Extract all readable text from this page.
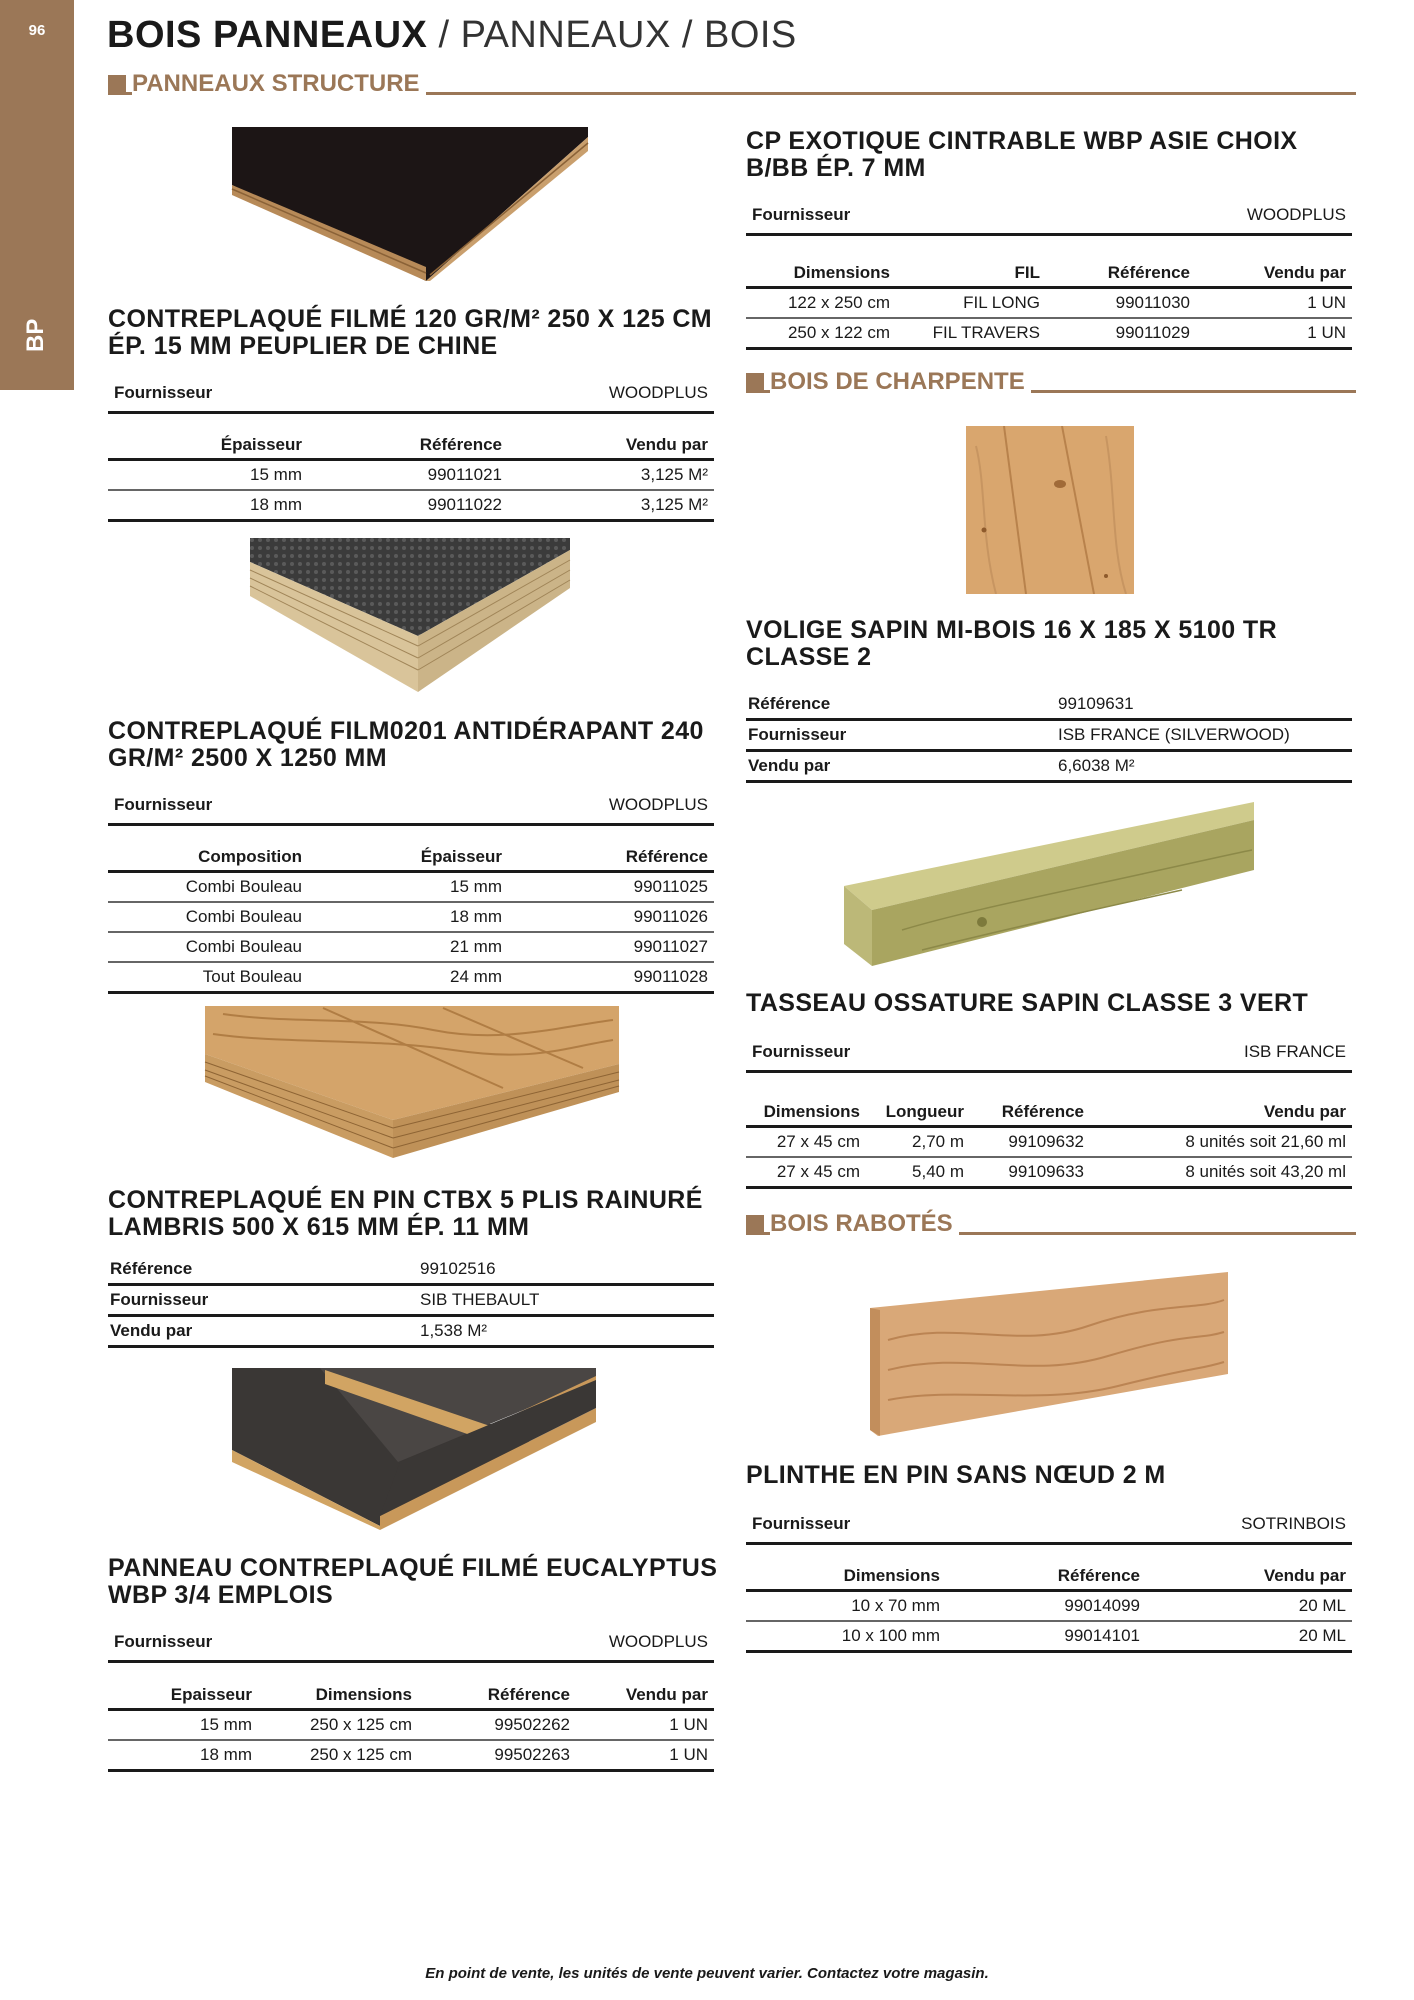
96
BP
BOIS PANNEAUX / PANNEAUX / BOIS
PANNEAUX STRUCTURE
CONTREPLAQUÉ FILMÉ 120 GR/M² 250 X 125 CM ÉP. 15 MM PEUPLIER DE CHINE
Fournisseur	WOODPLUS
Épaisseur	Référence	Vendu par
15 mm	99011021	3,125 M²
18 mm	99011022	3,125 M²
CONTREPLAQUÉ FILM0201 ANTIDÉRAPANT 240 GR/M² 2500 X 1250 MM
Fournisseur	WOODPLUS
Composition	Épaisseur	Référence
Combi Bouleau	15 mm	99011025
Combi Bouleau	18 mm	99011026
Combi Bouleau	21 mm	99011027
Tout Bouleau	24 mm	99011028
CONTREPLAQUÉ EN PIN CTBX 5 PLIS RAINURÉ LAMBRIS 500 X 615 MM ÉP. 11 MM
Référence	99102516
Fournisseur	SIB THEBAULT
Vendu par	1,538 M²
PANNEAU CONTREPLAQUÉ FILMÉ EUCALYPTUS WBP 3/4 EMPLOIS
Fournisseur	WOODPLUS
Epaisseur	Dimensions	Référence	Vendu par
15 mm	250 x 125 cm	99502262	1 UN
18 mm	250 x 125 cm	99502263	1 UN
CP EXOTIQUE CINTRABLE WBP ASIE CHOIX B/BB ÉP. 7 MM
Fournisseur	WOODPLUS
Dimensions	FIL	Référence	Vendu par
122 x 250 cm	FIL LONG	99011030	1 UN
250 x 122 cm	FIL TRAVERS	99011029	1 UN
BOIS DE CHARPENTE
VOLIGE SAPIN MI-BOIS 16 X 185 X 5100 TR CLASSE 2
Référence	99109631
Fournisseur	ISB FRANCE (SILVERWOOD)
Vendu par	6,6038 M²
TASSEAU OSSATURE SAPIN CLASSE 3 VERT
Fournisseur	ISB FRANCE
Dimensions	Longueur	Référence	Vendu par
27 x 45 cm	2,70 m	99109632	8 unités soit 21,60 ml
27 x 45 cm	5,40 m	99109633	8 unités soit 43,20 ml
BOIS RABOTÉS
PLINTHE EN PIN SANS NŒUD 2 M
Fournisseur	SOTRINBOIS
Dimensions	Référence	Vendu par
10 x 70 mm	99014099	20 ML
10 x 100 mm	99014101	20 ML
En point de vente, les unités de vente peuvent varier. Contactez votre magasin.
